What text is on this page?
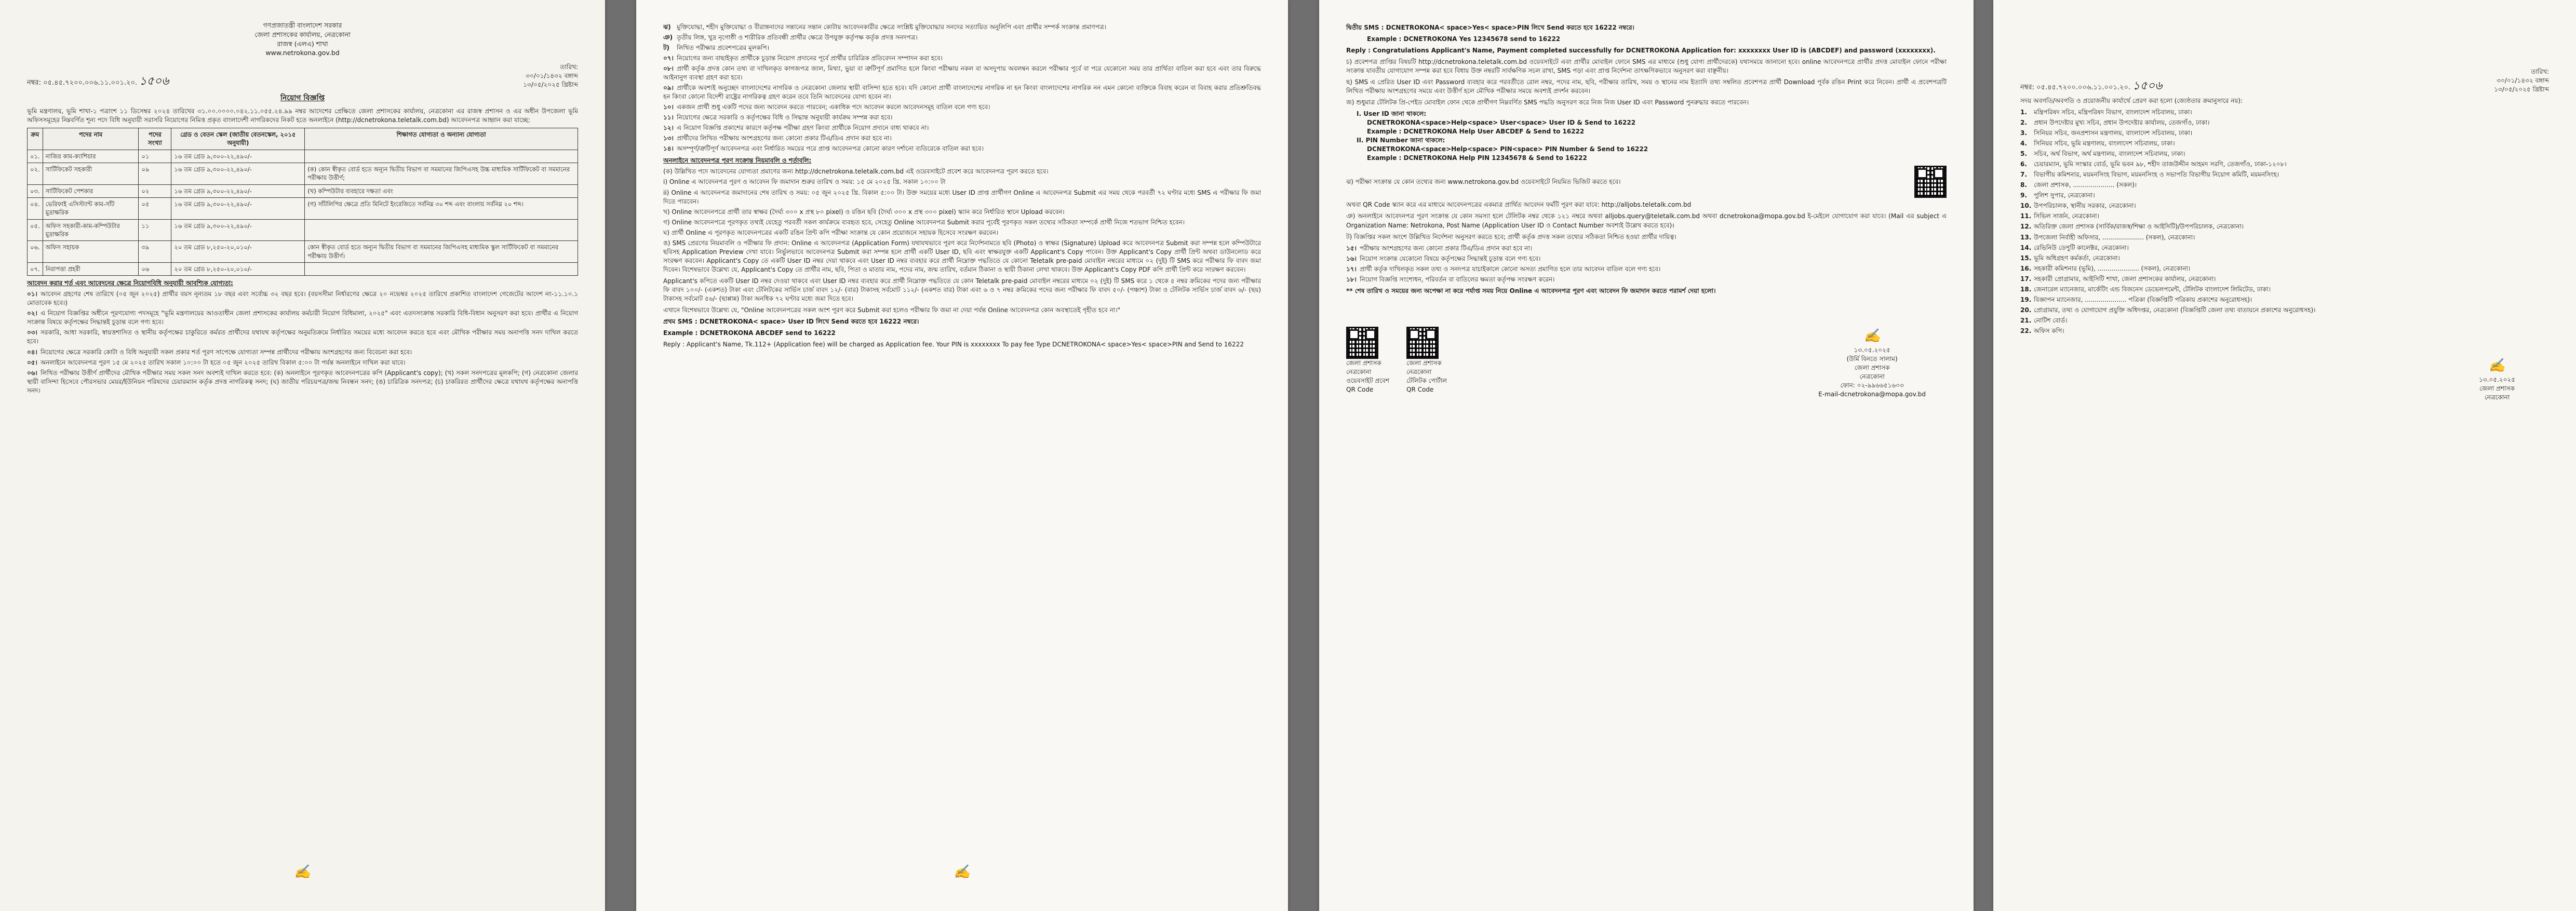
গণপ্রজাতন্ত্রী বাংলাদেশ সরকার
জেলা প্রশাসকের কার্যালয়, নেত্রকোনা
রাজস্ব (এলএ) শাখা
www.netrokona.gov.bd
নম্বর: ০৫.৪৫.৭২০০.০০৬.১১.০০১.২০. ১৫০৬
তারিখ:
৩০/০১/১৪৩২ বঙ্গাব্দ
১৩/০৫/২০২৫ খ্রিষ্টাব্দ
নিয়োগ বিজ্ঞপ্তি

ভূমি মন্ত্রণালয়, ভূমি শাখা-১ পত্রাংশ ১১ ডিসেম্বর ২০২৪ তারিখের ৩১.০০.০০০০.০৪২.১১.০৫৫.২৪.৯৯ নম্বর আদেশের প্রেক্ষিতে জেলা প্রশাসকের কার্যালয়, নেত্রকোনা এর রাজস্ব প্রশাসন ও এর অধীন উপজেলা ভূমি অফিসসমূহের নিম্নবর্ণিত শূন্য পদে বিধি অনুযায়ী সরাসরি নিয়োগের নিমিত্ত প্রকৃত বাংলাদেশী নাগরিকদের নিকট হতে অনলাইনে (http://dcnetrokona.teletalk.com.bd) আবেদনপত্র আহ্বান করা যাচ্ছে:

ক্রম	পদের নাম	পদের সংখ্যা	গ্রেড ও বেতন স্কেল (জাতীয় বেতনস্কেল, ২০১৫ অনুযায়ী)	শিক্ষাগত যোগ্যতা ও অন্যান্য যোগ্যতা
০১.	নাজির কাম-ক্যাশিয়ার	০১	১৬ তম গ্রেড ৯,৩০০-২২,৪৯০/-	
০২.	সার্টিফিকেট সহকারী	০৯	১৬ তম গ্রেড ৯,৩০০-২২,৪৯০/-	(ক) কোন স্বীকৃত বোর্ড হতে অন্যূন দ্বিতীয় বিভাগ বা সমমানের জিপিএসহ উচ্চ মাধ্যমিক সার্টিফিকেট বা সমমানের পরীক্ষায় উত্তীর্ণ;
০৩.	সার্টিফিকেট পেশকার	০২	১৬ তম গ্রেড ৯,৩০০-২২,৪৯০/-	(খ) কম্পিউটার ব্যবহারে দক্ষতা এবং
০৪.	ভেরিফাই এসিস্ট্যান্ট কাম-সাঁট মুদ্রাক্ষরিক	০৫	১৬ তম গ্রেড ৯,৩০০-২২,৪৯০/-	(গ) সাঁটলিপির ক্ষেত্রে প্রতি মিনিটে ইংরেজিতে সর্বনিম্ন ৩০ শব্দ এবং বাংলায় সর্বনিম্ন ২০ শব্দ।
০৫.	অফিস সহকারী-কাম-কম্পিউটার মুদ্রাক্ষরিক	১১	১৬ তম গ্রেড ৯,৩০০-২২,৪৯০/-	
০৬.	অফিস সহায়ক	৩৯	২০ তম গ্রেড ৮,২৫০-২০,০১০/-	কোন স্বীকৃত বোর্ড হতে অন্যূন দ্বিতীয় বিভাগ বা সমমানের জিপিএসহ মাধ্যমিক স্কুল সার্টিফিকেট বা সমমানের পরীক্ষায় উত্তীর্ণ।
০৭.	নিরাপত্তা প্রহরী	০৬	২০ তম গ্রেড ৮,২৫০-২০,০১০/-	
আবেদন করার শর্ত এবং আবেদনের ক্ষেত্রে নিয়োগবিধি অনুযায়ী আবশ্যিক যোগ্যতা:
০১। আবেদন গ্রহণের শেষ তারিখে (০৫ জুন ২০২৫) প্রার্থীর বয়স নূন্যতম ১৮ বছর এবং সর্বোচ্চ ৩২ বছর হবে। (বয়সসীমা নির্ধারণের ক্ষেত্রে ২০ নভেম্বর ২০২৫ তারিখে প্রকাশিত বাংলাদেশ গেজেটের আদেশ নং-১১.১০.১ মোতাবেক হবে।)
০২। এ নিয়োগ বিজ্ঞপ্তির অধীনে পূরণযোগ্য পদসমূহে "ভূমি মন্ত্রণালয়ের আওতাধীন জেলা প্রশাসকের কার্যালয় কর্মচারী নিয়োগ বিধিমালা, ২০২৫" এবং এতদসংক্রান্ত সরকারি বিধি-বিধান অনুসরণ করা হবে। প্রার্থীর এ নিয়োগ সংক্রান্ত বিষয়ে কর্তৃপক্ষের সিদ্ধান্তই চূড়ান্ত বলে গণ্য হবে।
০৩। সরকারি, আধা সরকারি, স্বায়ত্তশাসিত ও স্থানীয় কর্তৃপক্ষের চাকুরিতে কর্মরত প্রার্থীদের যথাযথ কর্তৃপক্ষের অনুমতিক্রমে নির্ধারিত সময়ের মধ্যে আবেদন করতে হবে এবং মৌখিক পরীক্ষার সময় অনাপত্তি সনদ দাখিল করতে হবে।
০৪। নিয়োগের ক্ষেত্রে সরকারি কোটা ও বিধি অনুযায়ী সকল প্রকার শর্ত পূরণ সাপেক্ষে যোগ্যতা সম্পন্ন প্রার্থীদের পরীক্ষায় অংশগ্রহণের জন্য বিবেচনা করা হবে।
০৫। অনলাইনে আবেদনপত্র পূরণ ১৫ মে ২০২৫ তারিখ সকাল ১০:০০ টা হতে ০৫ জুন ২০২৫ তারিখ বিকাল ৫:০০ টা পর্যন্ত অনলাইনে দাখিল করা যাবে।
০৬। লিখিত পরীক্ষায় উত্তীর্ণ প্রার্থীদের মৌখিক পরীক্ষার সময় সকল সনদ অবশ্যই দাখিল করতে হবে: (ক) অনলাইনে পূরণকৃত আবেদনপত্রের কপি (Applicant's copy); (খ) সকল সনদপত্রের মূলকপি; (গ) নেত্রকোনা জেলার স্থায়ী বাসিন্দা হিসেবে পৌরসভার মেয়র/ইউনিয়ন পরিষদের চেয়ারম্যান কর্তৃক প্রদত্ত নাগরিকত্ব সনদ; (ঘ) জাতীয় পরিচয়পত্র/জন্ম নিবন্ধন সনদ; (ঙ) চারিত্রিক সনদপত্র; (চ) চাকরিরত প্রার্থীদের ক্ষেত্রে যথাযথ কর্তৃপক্ষের অনাপত্তি সনদ।
✍
ঝ) মুক্তিযোদ্ধা, শহীদ মুক্তিযোদ্ধা ও বীরাঙ্গনাদের সন্তানের সন্তান কোটায় আবেদনকারীর ক্ষেত্রে সংশ্লিষ্ট মুক্তিযোদ্ধার সনদের সত্যায়িত অনুলিপি এবং প্রার্থীর সম্পর্ক সংক্রান্ত প্রমাণপত্র।
ঞ) তৃতীয় লিঙ্গ, খুদ্র নৃগোষ্ঠী ও শারীরিক প্রতিবন্ধী প্রার্থীর ক্ষেত্রে উপযুক্ত কর্তৃপক্ষ কর্তৃক প্রদত্ত সনদপত্র।
ট) লিখিত পরীক্ষার প্রবেশপত্রের মূলকপি।
০৭। নিয়োগের জন্য বাছাইকৃত প্রার্থীকে চূড়ান্ত নিয়োগ প্রদানের পূর্বে প্রার্থীর চারিত্রিক প্রতিবেদন সম্পাদন করা হবে।
০৮। প্রার্থী কর্তৃক প্রদত্ত কোন তথ্য বা দাখিলকৃত কাগজপত্র জাল, মিথ্যা, ভুয়া বা ত্রুটিপূর্ণ প্রমাণিত হলে কিংবা পরীক্ষায় নকল বা অসদুপায় অবলম্বন করলে পরীক্ষার পূর্বে বা পরে যেকোনো সময় তার প্রার্থিতা বাতিল করা হবে এবং তার বিরুদ্ধে আইনানুগ ব্যবস্থা গ্রহণ করা হবে।
০৯। প্রার্থীকে অবশ্যই অনুচ্ছেদ বাংলাদেশের নাগরিক ও নেত্রকোনা জেলার স্থায়ী বাসিন্দা হতে হবে। যদি কোনো প্রার্থী বাংলাদেশের নাগরিক না হন কিংবা বাংলাদেশের নাগরিক নন এমন কোনো ব্যক্তিকে বিবাহ করেন বা বিবাহ করার প্রতিশ্রুতিবদ্ধ হন কিংবা কোনো বিদেশী রাষ্ট্রের নাগরিকত্ব গ্রহণ করেন তবে তিনি আবেদনের যোগ্য হবেন না।
১০। একজন প্রার্থী শুধু একটি পদের জন্য আবেদন করতে পারবেন; একাধিক পদে আবেদন করলে আবেদনসমূহ বাতিল বলে গণ্য হবে।
১১। নিয়োগের ক্ষেত্রে সরকারি ও কর্তৃপক্ষের বিধি ও সিদ্ধান্ত অনুযায়ী কার্যক্রম সম্পন্ন করা হবে।
১২। এ নিয়োগ বিজ্ঞপ্তি প্রকাশের কারণে কর্তৃপক্ষ পরীক্ষা গ্রহণ কিংবা প্রার্থীকে নিয়োগ প্রদানে বাধ্য থাকবে না।
১৩। প্রার্থীদের লিখিত পরীক্ষায় অংশগ্রহণের জন্য কোনো প্রকার টিএ/ডিএ প্রদান করা হবে না।
১৪। অসম্পূর্ণ/ত্রুটিপূর্ণ আবেদনপত্র এবং নির্ধারিত সময়ের পরে প্রাপ্ত আবেদনপত্র কোনো কারণ দর্শানো ব্যতিরেকে বাতিল করা হবে।
অনলাইনে আবেদনপত্র পূরণ সংক্রান্ত নিয়মাবলি ও শর্তাবলি:
(ক) উল্লিখিত পদে আবেদনের যোগ্যতা প্রমাণের জন্য http://dcnetrokona.teletalk.com.bd এই ওয়েবসাইটে প্রবেশ করে আবেদনপত্র পূরণ করতে হবে।
i) Online এ আবেদনপত্র পূরণ ও আবেদন ফি জমাদান শুরুর তারিখ ও সময়: ১৫ মে ২০২৫ খ্রি. সকাল ১০:০০ টা
ii) Online এ আবেদনপত্র জমাদানের শেষ তারিখ ও সময়: ০৫ জুন ২০২৫ খ্রি. বিকাল ৫:০০ টা। উক্ত সময়ের মধ্যে User ID প্রাপ্ত প্রার্থীগণ Online এ আবেদনপত্র Submit এর সময় থেকে পরবর্তী ৭২ ঘণ্টার মধ্যে SMS এ পরীক্ষার ফি জমা দিতে পারবেন।
খ) Online আবেদনপত্রে প্রার্থী তার স্বাক্ষর (দৈর্ঘ্য ৩০০ x প্রস্থ ৮০ pixel) ও রঙিন ছবি (দৈর্ঘ্য ৩০০ x প্রস্থ ৩০০ pixel) স্ক্যান করে নির্ধারিত স্থানে Upload করবেন।
গ) Online আবেদনপত্রে পূরণকৃত তথ্যই যেহেতু পরবর্তী সকল কার্যক্রমে ব্যবহৃত হবে, সেহেতু Online আবেদনপত্র Submit করার পূর্বেই পূরণকৃত সকল তথ্যের সঠিকতা সম্পর্কে প্রার্থী নিজে শতভাগ নিশ্চিত হবেন।
ঘ) প্রার্থী Online এ পূরণকৃত আবেদনপত্রের একটি রঙিন প্রিন্ট কপি পরীক্ষা সংক্রান্ত যে কোন প্রয়োজনে সহায়ক হিসেবে সংরক্ষণ করবেন।
ঙ) SMS প্রেরণের নিয়মাবলি ও পরীক্ষার ফি প্রদান: Online এ আবেদনপত্র (Application Form) যথাযথভাবে পূরণ করে নির্দেশনামতে ছবি (Photo) ও স্বাক্ষর (Signature) Upload করে আবেদনপত্র Submit করা সম্পন্ন হলে কম্পিউটারে ছবিসহ Application Preview দেখা যাবে। নির্ভুলভাবে আবেদনপত্র Submit করা সম্পন্ন হলে প্রার্থী একটি User ID, ছবি এবং স্বাক্ষরযুক্ত একটি Applicant's Copy পাবেন। উক্ত Applicant's Copy প্রার্থী প্রিন্ট অথবা ডাউনলোড করে সংরক্ষণ করবেন। Applicant's Copy তে একটি User ID নম্বর দেয়া থাকবে এবং User ID নম্বর ব্যবহার করে প্রার্থী নিম্নোক্ত পদ্ধতিতে যে কোনো Teletalk pre-paid মোবাইল নম্বরের মাধ্যমে ০২ (দুই) টি SMS করে পরীক্ষার ফি বাবদ জমা দিবেন। বিশেষভাবে উল্লেখ্য যে, Applicant's Copy তে প্রার্থীর নাম, ছবি, পিতা ও মাতার নাম, পদের নাম, জন্ম তারিখ, বর্তমান ঠিকানা ও স্থায়ী ঠিকানা লেখা থাকবে। উক্ত Applicant's Copy PDF কপি প্রার্থী প্রিন্ট করে সংরক্ষণ করবেন।

Applicant's কপিতে একটি User ID নম্বর দেওয়া থাকবে এবং User ID নম্বর ব্যবহার করে প্রার্থী নিম্নোক্ত পদ্ধতিতে যে কোন Teletalk pre-paid মোবাইল নম্বরের মাধ্যমে ০২ (দুই) টি SMS করে ১ থেকে ৫ নম্বর ক্রমিকের পদের জন্য পরীক্ষার ফি বাবদ ১০০/- (একশত) টাকা এবং টেলিটকের সার্ভিস চার্জ বাবদ ১২/- (বার) টাকাসহ সর্বমোট ১১২/- (একশত বার) টাকা এবং ৬ ও ৭ নম্বর ক্রমিকের পদের জন্য পরীক্ষার ফি বাবদ ৫০/- (পঞ্চাশ) টাকা ও টেলিটক সার্ভিস চার্জ বাবদ ৬/- (ছয়) টাকাসহ সর্বমোট ৫৬/- (ছাপ্পান্ন) টাকা অনধিক ৭২ ঘণ্টার মধ্যে জমা দিতে হবে।

এখানে বিশেষভাবে উল্লেখ্য যে, "Online আবেদনপত্রের সকল অংশ পূরণ করে Submit করা হলেও পরীক্ষার ফি জমা না দেয়া পর্যন্ত Online আবেদনপত্র কোন অবস্থাতেই গৃহীত হবে না।"

প্রথম SMS : DCNETROKONA< space> User ID লিখে Send করতে হবে 16222 নম্বরে।

Example : DCNETROKONA ABCDEF send to 16222

Reply : Applicant's Name, Tk.112+ (Application fee) will be charged as Application fee. Your PIN is xxxxxxxx To pay fee Type DCNETROKONA< space>Yes< space>PIN and Send to 16222

✍

দ্বিতীয় SMS : DCNETROKONA< space>Yes< space>PIN লিখে Send করতে হবে 16222 নম্বরে।

Example : DCNETROKONA Yes 12345678 send to 16222

Reply : Congratulations Applicant's Name, Payment completed successfully for DCNETROKONA Application for: xxxxxxxx User ID is (ABCDEF) and password (xxxxxxxx).

চ) প্রবেশপত্র প্রাপ্তির বিষয়টি http://dcnetrokona.teletalk.com.bd ওয়েবসাইটে এবং প্রার্থীর মোবাইল ফোনে SMS এর মাধ্যমে (শুধু যোগ্য প্রার্থীদেরকে) যথাসময়ে জানানো হবে। online আবেদনপত্রে প্রার্থীর প্রদত্ত মোবাইল ফোনে পরীক্ষা সংক্রান্ত যাবতীয় যোগাযোগ সম্পন্ন করা হবে বিধায় উক্ত নম্বরটি সার্বক্ষণিক সচল রাখা, SMS পড়া এবং প্রাপ্ত নির্দেশনা তাৎক্ষণিকভাবে অনুসরণ করা বাঞ্ছনীয়।

ছ) SMS এ প্রেরিত User ID এবং Password ব্যবহার করে পরবর্তীতে রোল নম্বর, পদের নাম, ছবি, পরীক্ষার তারিখ, সময় ও স্থানের নাম ইত্যাদি তথ্য সম্বলিত প্রবেশপত্র প্রার্থী Download পূর্বক রঙিন Print করে নিবেন। প্রার্থী এ প্রবেশপত্রটি লিখিত পরীক্ষায় অংশগ্রহণের সময়ে এবং উত্তীর্ণ হলে মৌখিক পরীক্ষার সময়ে অবশ্যই প্রদর্শন করবেন।

জ) শুধুমাত্র টেলিটক প্রি-পেইড মোবাইল ফোন থেকে প্রার্থীগণ নিম্নবর্ণিত SMS পদ্ধতি অনুসরণ করে নিজ নিজ User ID এবং Password পুনরুদ্ধার করতে পারবেন।

I. User ID জানা থাকলে:
DCNETROKONA<space>Help<space> User<space> User ID & Send to 16222
Example : DCNETROKONA Help User ABCDEF & Send to 16222
II. PIN Number জানা থাকলে:
DCNETROKONA<space>Help<space> PIN<space> PIN Number & Send to 16222
Example : DCNETROKONA Help PIN 12345678 & Send to 16222

ঝ) পরীক্ষা সংক্রান্ত যে কোন তথ্যের জন্য www.netrokona.gov.bd ওয়েবসাইটে নিয়মিত ভিজিট করতে হবে।

অথবা QR Code স্ক্যান করে এর মাধ্যমে আবেদনপত্রের একমাত্র প্রার্থিত আবেদন ফর্মটি পূরণ করা যাবে: http://alljobs.teletalk.com.bd

ঞ) অনলাইনে আবেদনপত্র পূরণ সংক্রান্ত যে কোন সমস্যা হলে টেলিটক নম্বর থেকে ১২১ নম্বরে অথবা alljobs.query@teletalk.com.bd অথবা dcnetrokona@mopa.gov.bd ই-মেইলে যোগাযোগ করা যাবে। (Mail এর subject এ Organization Name: Netrokona, Post Name (Application User ID ও Contact Number অবশ্যই উল্লেখ করতে হবে)।

ট) বিজ্ঞপ্তির সকল অংশে উল্লিখিত নির্দেশনা অনুসরণ করতে হবে; প্রার্থী কর্তৃক প্রদত্ত সকল তথ্যের সঠিকতা নিশ্চিত হওয়া প্রার্থীর দায়িত্ব।

১৫। পরীক্ষায় অংশগ্রহণের জন্য কোনো প্রকার টিএ/ডিএ প্রদান করা হবে না।
১৬। নিয়োগ সংক্রান্ত যেকোনো বিষয়ে কর্তৃপক্ষের সিদ্ধান্তই চূড়ান্ত বলে গণ্য হবে।
১৭। প্রার্থী কর্তৃক দাখিলকৃত সকল তথ্য ও সনদপত্র যাচাইকালে কোনো অসত্য প্রমাণিত হলে তার আবেদন বাতিল বলে গণ্য হবে।
১৮। নিয়োগ বিজ্ঞপ্তি সংশোধন, পরিবর্তন বা বাতিলের ক্ষমতা কর্তৃপক্ষ সংরক্ষণ করেন।

** শেষ তারিখ ও সময়ের জন্য অপেক্ষা না করে পর্যাপ্ত সময় নিয়ে Online এ আবেদনপত্র পূরণ এবং আবেদন ফি জমাদান করতে পরামর্শ দেয়া হলো।

জেলা প্রশাসক নেত্রকোনা ওয়েবসাইট প্রবেশ QR Code
জেলা প্রশাসক নেত্রকোনা টেলিটক পোর্টাল QR Code
✍
১৩.০৫.২০২৫
(উর্মি বিনতে সালাম)
জেলা প্রশাসক
নেত্রকোনা
ফোন: ০২-৯৯৬৬৫১৬০৩
E-mail-dcnetrokona@mopa.gov.bd
নম্বর: ০৫.৪৫.৭২০০.০০৬.১১.০০১.২০. ১৫০৬
তারিখ:
৩০/০১/১৪৩২ বঙ্গাব্দ
১৩/০৫/২০২৫ খ্রিষ্টাব্দ

সদয় অবগতি/অবগতি ও প্রয়োজনীয় কার্যার্থে প্রেরণ করা হলো (জ্যেষ্ঠতার ক্রমানুসারে নয়):

1. মন্ত্রিপরিষদ সচিব, মন্ত্রিপরিষদ বিভাগ, বাংলাদেশ সচিবালয়, ঢাকা।
2. প্রধান উপদেষ্টার মুখ্য সচিব, প্রধান উপদেষ্টার কার্যালয়, তেজগাঁও, ঢাকা।
3. সিনিয়র সচিব, জনপ্রশাসন মন্ত্রণালয়, বাংলাদেশ সচিবালয়, ঢাকা।
4. সিনিয়র সচিব, ভূমি মন্ত্রণালয়, বাংলাদেশ সচিবালয়, ঢাকা।
5. সচিব, অর্থ বিভাগ, অর্থ মন্ত্রণালয়, বাংলাদেশ সচিবালয়, ঢাকা।
6. চেয়ারম্যান, ভূমি সংস্কার বোর্ড, ভূমি ভবন ৯৮, শহীদ তাজউদ্দীন আহমদ সরণি, তেজগাঁও, ঢাকা-১২০৮।
7. বিভাগীয় কমিশনার, ময়মনসিংহ বিভাগ, ময়মনসিংহ ও সভাপতি বিভাগীয় নিয়োগ কমিটি, ময়মনসিংহ।
8. জেলা প্রশাসক, ..................... (সকল)।
9. পুলিশ সুপার, নেত্রকোনা।
10. উপপরিচালক, স্থানীয় সরকার, নেত্রকোনা।
11. সিভিল সার্জন, নেত্রকোনা।
12. অতিরিক্ত জেলা প্রশাসক (সার্বিক/রাজস্ব/শিক্ষা ও আইসিটি)/উপপরিচালক, নেত্রকোনা।
13. উপজেলা নির্বাহী অফিসার, ..................... (সকল), নেত্রকোনা।
14. রেভিনিউ ডেপুটি কালেক্টর, নেত্রকোনা।
15. ভূমি অধিগ্রহণ কর্মকর্তা, নেত্রকোনা।
16. সহকারী কমিশনার (ভূমি), ..................... (সকল), নেত্রকোনা।
17. সহকারী প্রোগ্রামার, আইসিটি শাখা, জেলা প্রশাসকের কার্যালয়, নেত্রকোনা।
18. জেনারেল ম্যানেজার, মার্কেটিং এন্ড বিজনেস ডেভেলপমেন্ট, টেলিটক বাংলাদেশ লিমিটেড, ঢাকা।
19. বিজ্ঞাপন ম্যানেজার, ..................... পত্রিকা (বিজ্ঞপ্তিটি পত্রিকায় প্রকাশের অনুরোধসহ)।
20. প্রোগ্রামার, তথ্য ও যোগাযোগ প্রযুক্তি অধিদপ্তর, নেত্রকোনা (বিজ্ঞপ্তিটি জেলা তথ্য বাতায়নে প্রকাশের অনুরোধসহ)।
21. নোটিশ বোর্ড।
22. অফিস কপি।
✍
১৩.০৫.২০২৫
জেলা প্রশাসক
নেত্রকোনা
